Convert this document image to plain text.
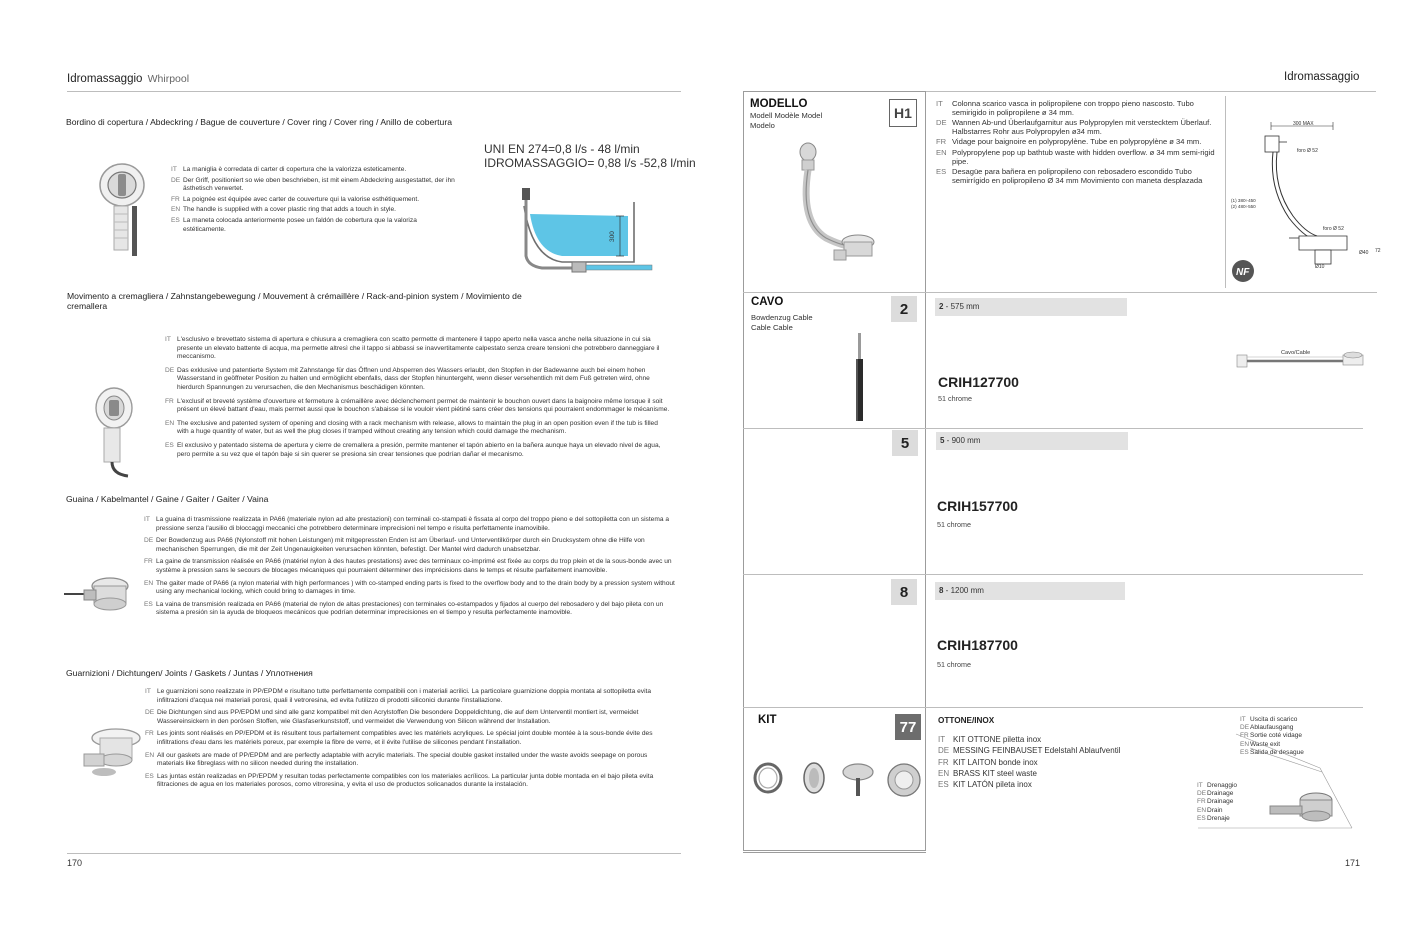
Idromassaggio Whirpool
Bordino di copertura / Abdeckring / Bague de couverture / Cover ring / Cover ring / Anillo de cobertura
IT La maniglia è corredata di carter di copertura che la valorizza esteticamente.
DE Der Griff, positioniert so wie oben beschrieben, ist mit einem Abdeckring ausgestattet, der ihn ästhetisch verwertet.
FR La poignée est équipée avec carter de couverture qui la valorise esthétiquement.
EN The handle is supplied with a cover plastic ring that adds a touch in style.
ES La maneta colocada anteriormente posee un faldón de cobertura que la valoriza estéticamente.
UNI EN 274=0,8 l/s - 48 l/min
IDROMASSAGGIO= 0,88 l/s -52,8 l/min
300
Movimento a cremagliera / Zahnstangebewegung / Mouvement à crémaillère / Rack-and-pinion system / Movimiento de cremallera
IT L'esclusivo e brevettato sistema di apertura e chiusura a cremagliera con scatto permette di mantenere il tappo aperto nella vasca anche nella situazione in cui sia presente un elevato battente di acqua, ma permette altresì che il tappo si abbassi se inavvertitamente calpestato senza creare tensioni che potrebbero danneggiare il meccanismo.
DE Das exklusive und patentierte System mit Zahnstange für das Öffnen und Absperren des Wassers erlaubt, den Stopfen in der Badewanne auch bei einem hohen Wasserstand in geöffneter Position zu halten und ermöglicht ebenfalls, dass der Stopfen hinuntergeht, wenn dieser versehentlich mit dem Fuß getreten wird, ohne hierdurch Spannungen zu verursachen, die den Mechanismus beschädigen könnten.
FR L'exclusif et breveté système d'ouverture et fermeture à crémaillère avec déclenchement permet de maintenir le bouchon ouvert dans la baignoire même lorsque il soit présent un élevé battant d'eau, mais permet aussi que le bouchon s'abaisse si le vouloir vient piétiné sans créer des tensions qui pourraient endommager le mécanisme.
EN The exclusive and patented system of opening and closing with a rack mechanism with release, allows to maintain the plug in an open position even if the tub is filled with a huge quantity of water, but as well the plug closes if tramped without creating any tension which could damage the mechanism.
ES El exclusivo y patentado sistema de apertura y cierre de cremallera a presión, permite mantener el tapón abierto en la bañera aunque haya un elevado nivel de agua, pero permite a su vez que el tapón baje si sin querer se presiona sin crear tensiones que podrían dañar el mecanismo.
Guaina / Kabelmantel / Gaine / Gaiter / Gaiter / Vaina
IT La guaina di trasmissione realizzata in PA66 (materiale nylon ad alte prestazioni) con terminali co-stampati è fissata al corpo del troppo pieno e del sottopiletta con un sistema a pressione senza l'ausilio di bloccaggi meccanici che potrebbero determinare imprecisioni nel tempo e risulta perfettamente inamovibile.
DE Der Bowdenzug aus PA66 (Nylonstoff mit hohen Leistungen) mit mitgepressten Enden ist am Überlauf- und Unterventilkörper durch ein Drucksystem ohne die Hilfe von mechanischen Sperrungen, die mit der Zeit Ungenauigkeiten verursachen könnten, befestigt. Der Mantel wird dadurch unabsetzbar.
FR La gaine de transmission réalisée en PA66 (matériel nylon à des hautes prestations) avec des terminaux co-imprimé est fixée au corps du trop plein et de la sous-bonde avec un système à pression sans le secours de blocages mécaniques qui pourraient déterminer des imprécisions dans le temps et résulte parfaitement inamovible.
EN The gaiter made of PA66 (a nylon material with high performances ) with co-stamped ending parts is fixed to the overflow body and to the drain body by a pression system without using any mechanical locking, which could bring to damages in time.
ES La vaina de transmisión realizada en PA66 (material de nylon de altas prestaciones) con terminales co-estampados y fijados al cuerpo del rebosadero y del bajo pileta con un sistema a presión sin la ayuda de bloqueos mecánicos que podrían determinar imprecisiones en el tiempo y resulta perfectamente inamovible.
Guarnizioni / Dichtungen/ Joints / Gaskets / Juntas / Уплотнения
IT Le guarnizioni sono realizzate in PP/EPDM e risultano tutte perfettamente compatibili con i materiali acrilici. La particolare guarnizione doppia montata al sottopiletta evita infiltrazioni d'acqua nei materiali porosi, quali il vetroresina, ed evita l'utilizzo di prodotti siliconici durante l'installazione.
DE Die Dichtungen sind aus PP/EPDM und sind alle ganz kompatibel mit den Acrylstoffen Die besondere Doppeldichtung, die auf dem Unterventil montiert ist, vermeidet Wassereinsickern in den porösen Stoffen, wie Glasfaserkunststoff, und vermeidet die Verwendung von Silicon während der Installation.
FR Les joints sont réalisés en PP/EPDM et ils résultent tous parfaitement compatibles avec les matériels acryliques. Le spécial joint double montée à la sous-bonde évite des infiltrations d'eau dans les matériels poreux, par exemple la fibre de verre, et il évite l'utilise de silicones pendant l'installation.
EN All our gaskets are made of PP/EPDM and are perfectly adaptable with acrylic materials. The special double gasket installed under the waste avoids seepage on porous materials like fibreglass with no silicon needed during the installation.
ES Las juntas están realizadas en PP/EPDM y resultan todas perfectamente compatibles con los materiales acrílicos. La particular junta doble montada en el bajo pileta evita filtraciones de agua en los materiales porosos, como vitroresina, y evita el uso de productos solicanados durante la instalación.
170
Idromassaggio
MODELLO
Modell Modèle Model
Modelo
H1
IT	Colonna scarico vasca in polipropilene con troppo pieno nascosto. Tubo semirigido in polipropilene ø 34 mm.
DE Wannen Ab-und Überlaufgarnitur aus Polypropylen mit verstecktem Überlauf. Halbstarres Rohr aus Polypropylen ø34 mm.
FR Vidage pour baignoire en polypropylène. Tube en polypropylène ø 34 mm.
EN Polypropylene pop up bathtub waste with hidden overflow. ø 34 mm semi-rigid pipe.
ES Desagüe para bañera en polipropileno con rebosadero escondido Tubo semirrígido en polipropileno Ø 34 mm Movimiento con maneta desplazada
300 MAX
foro Ø 52
(1) 380÷450
(2) 480÷550
foro Ø 52
Ø40 72
Ø10
NF
CAVO
Bowdenzug Cable
Cable Cable
Cavo/Cable
2	2 - 575 mm
CRIH127700
51 chrome
5	5 - 900 mm
CRIH157700
51 chrome
8	8 - 1200 mm
CRIH187700
51 chrome
KIT	77	OTTONE/INOX
IT KIT OTTONE piletta inox
DE MESSING FEINBAUSET Edelstahl Ablaufventil
FR KIT LAITON bonde inox
EN BRASS KIT steel waste
ES KIT LATÓN pileta inox
IT Uscita di scarico
DE Ablaufausgang
FR Sortie coté vidage
EN Waste exit
ES Salida de desague
IT Drenaggio
DE Drainage
FR Drainage
EN Drain
ES Drenaje
171
